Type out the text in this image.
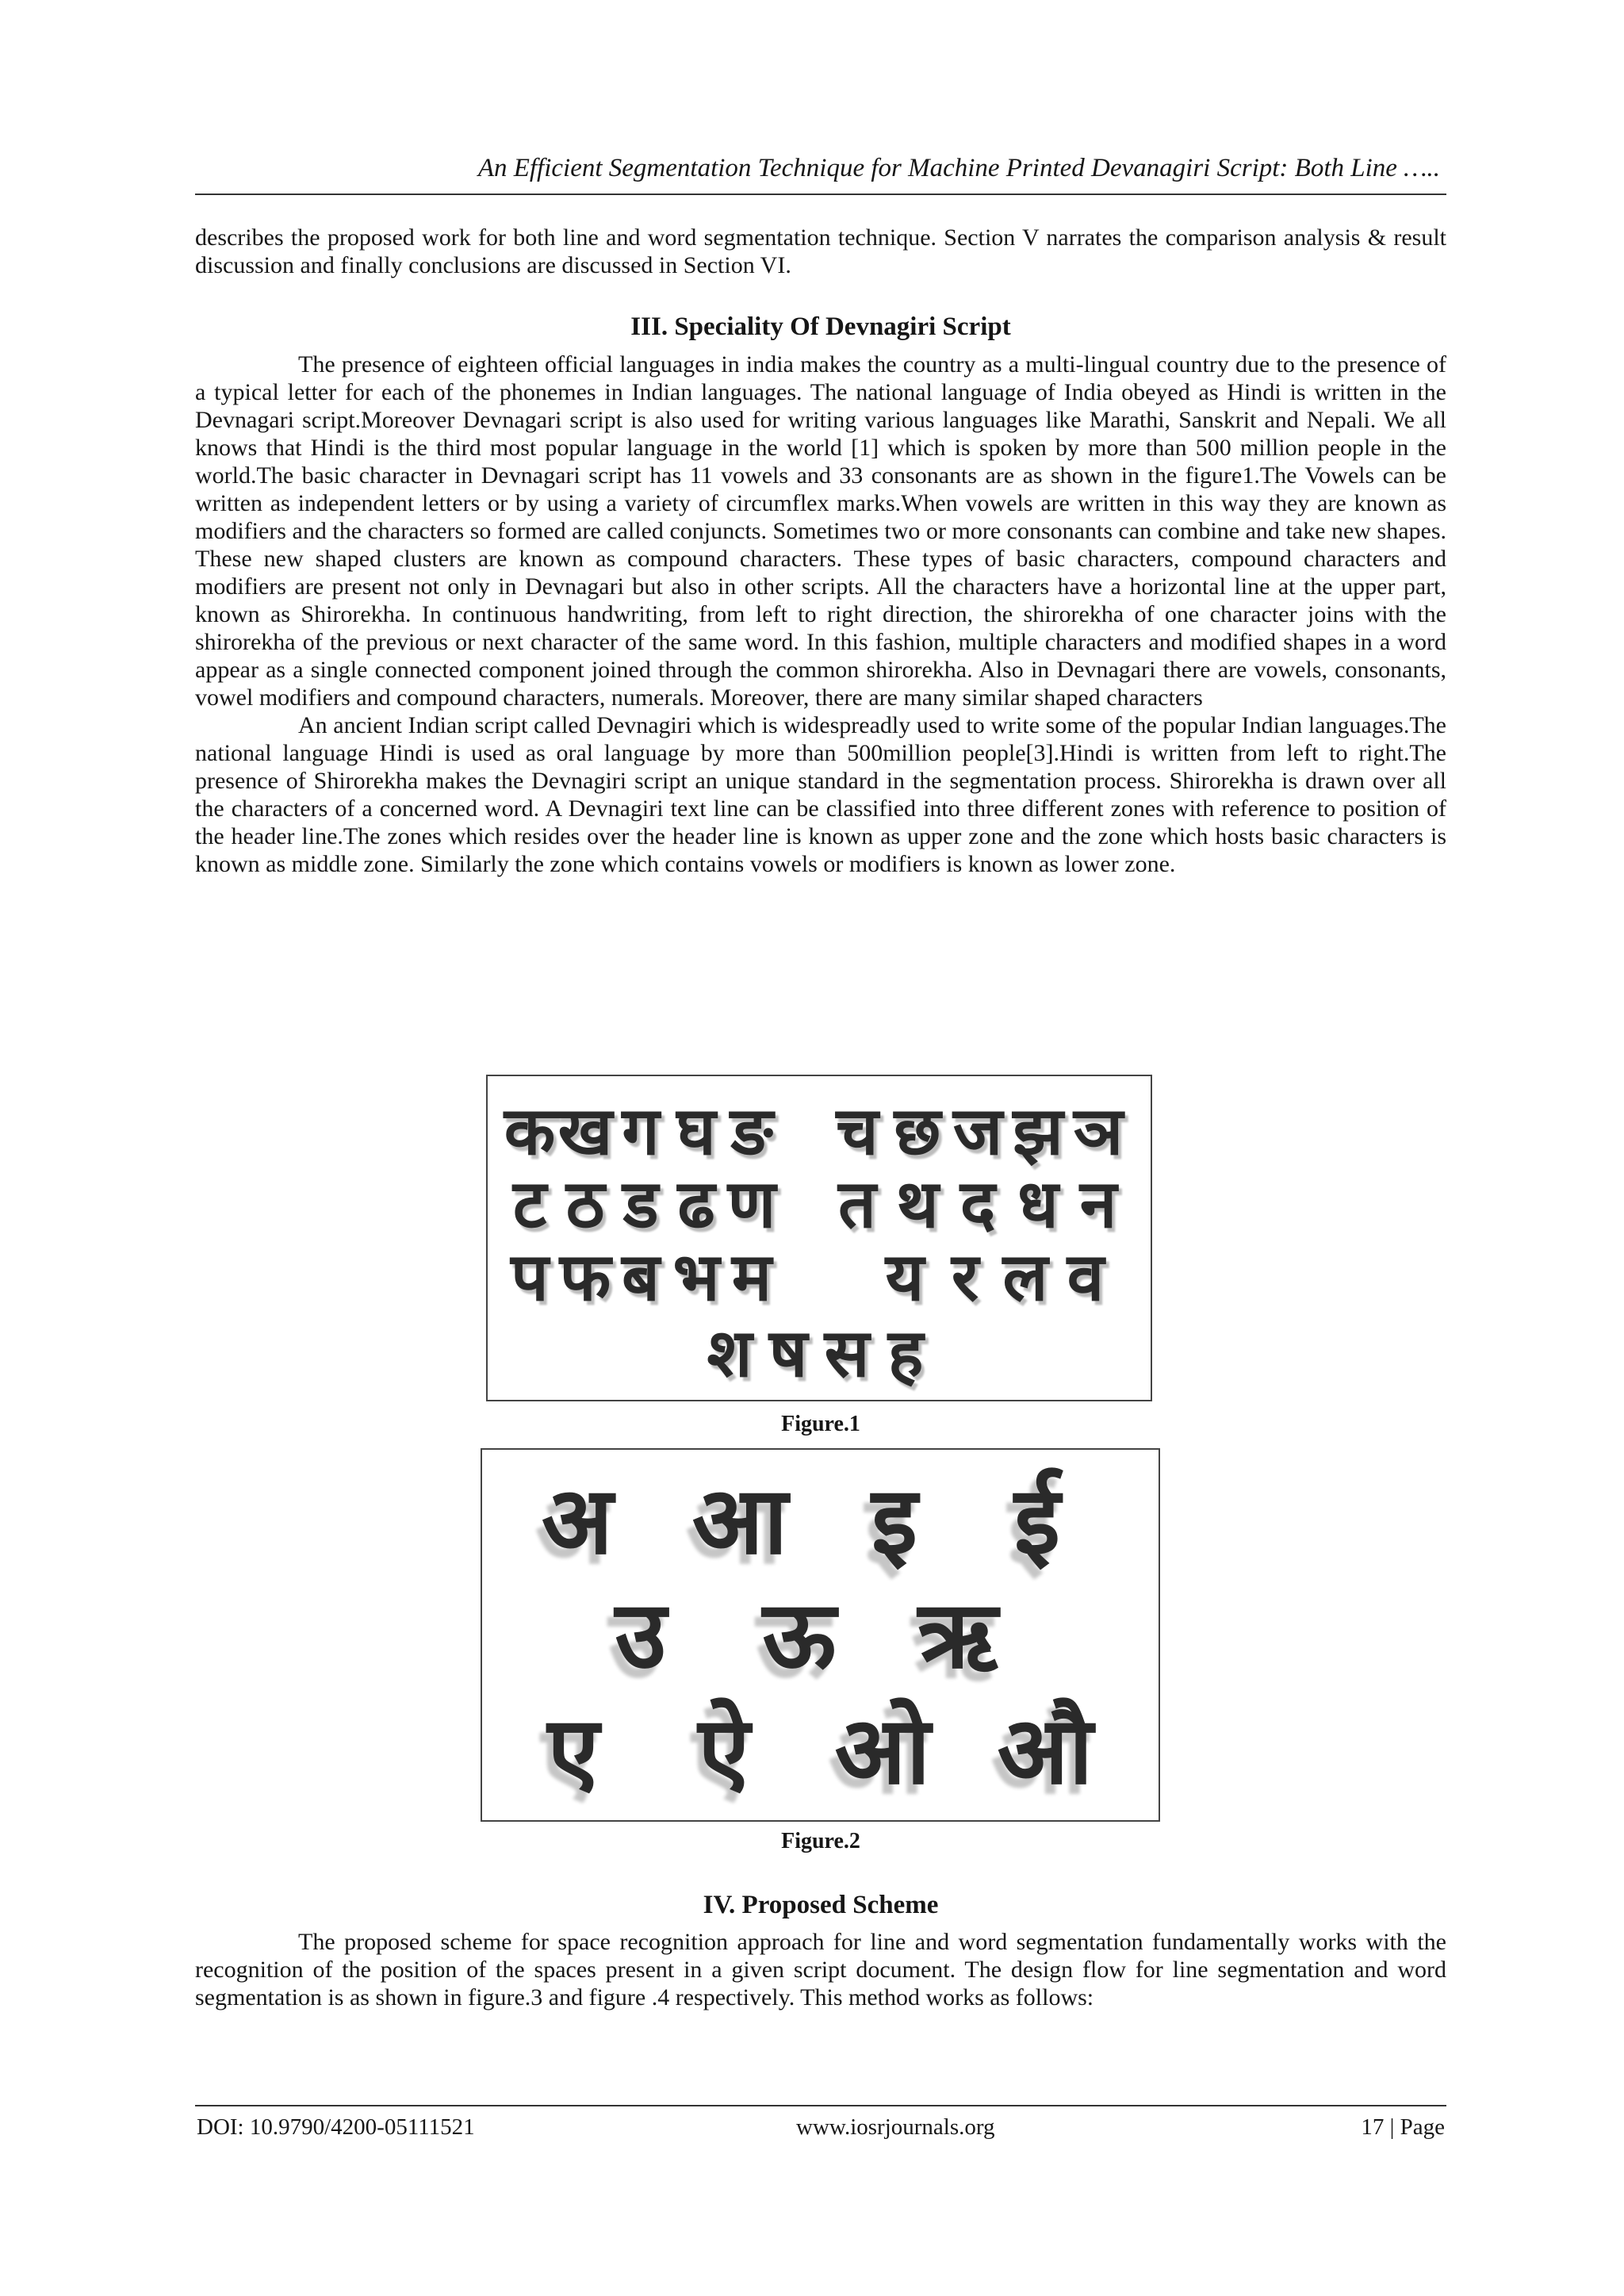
An Efficient Segmentation Technique for Machine Printed Devanagiri Script: Both Line …..

describes the proposed work for both line and word segmentation technique. Section V narrates the comparison analysis & result discussion and finally conclusions are discussed in Section VI.

III. Speciality Of Devnagiri Script

The presence of eighteen official languages in india makes the country as a multi-lingual country due to the presence of a typical letter for each of the phonemes in Indian languages. The national language of India obeyed as Hindi is written in the Devnagari script.Moreover Devnagari script is also used for writing various languages like Marathi, Sanskrit and Nepali. We all knows that Hindi is the third most popular language in the world [1] which is spoken by more than 500 million people in the world.The basic character in Devnagari script has 11 vowels and 33 consonants are as shown in the figure1.The Vowels can be written as independent letters or by using a variety of circumflex marks.When vowels are written in this way they are known as modifiers and the characters so formed are called conjuncts. Sometimes two or more consonants can combine and take new shapes. These new shaped clusters are known as compound characters. These types of basic characters, compound characters and modifiers are present not only in Devnagari but also in other scripts. All the characters have a horizontal line at the upper part, known as Shirorekha. In continuous handwriting, from left to right direction, the shirorekha of one character joins with the shirorekha of the previous or next character of the same word. In this fashion, multiple characters and modified shapes in a word appear as a single connected component joined through the common shirorekha. Also in Devnagari there are vowels, consonants, vowel modifiers and compound characters, numerals. Moreover, there are many similar shaped characters

An ancient Indian script called Devnagiri which is widespreadly used to write some of the popular Indian languages.The national language Hindi is used as oral language by more than 500million people[3].Hindi is written from left to right.The presence of Shirorekha makes the Devnagiri script an unique standard in the segmentation process. Shirorekha is drawn over all the characters of a concerned word. A Devnagiri text line can be classified into three different zones with reference to position of the header line.The zones which resides over the header line is known as upper zone and the zone which hosts basic characters is known as middle zone. Similarly the zone which contains vowels or modifiers is known as lower zone.

कख ग घ ङ च छ ज झ ञ
ट ठ ड ढ ण त थ द ध न
प फ ब भ म य र ल व
श ष स ह
Figure.1
अ आ इ ई
उ ऊ ऋ
ए ऐ ओ औ
Figure.2
IV. Proposed Scheme

The proposed scheme for space recognition approach for line and word segmentation fundamentally works with the recognition of the position of the spaces present in a given script document. The design flow for line segmentation and word segmentation is as shown in figure.3 and figure .4 respectively. This method works as follows:

DOI: 10.9790/4200-05111521	www.iosrjournals.org	17 | Page
